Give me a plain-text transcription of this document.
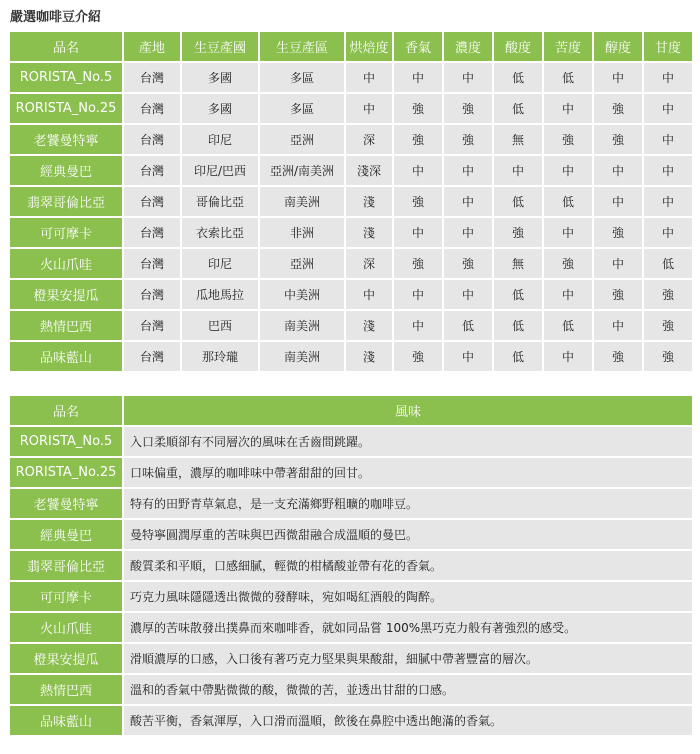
嚴選咖啡豆介紹
品名	產地	生豆產國	生豆產區	烘焙度	香氣	濃度	酸度	苦度	醇度	甘度
RORISTA_No.5	台灣	多國	多區	中	中	中	低	低	中	中
RORISTA_No.25	台灣	多國	多區	中	強	強	低	中	強	中
老饕曼特寧	台灣	印尼	亞洲	深	強	強	無	強	強	中
經典曼巴	台灣	印尼/巴西	亞洲/南美洲	淺深	中	中	中	中	中	中
翡翠哥倫比亞	台灣	哥倫比亞	南美洲	淺	強	中	低	低	中	中
可可摩卡	台灣	衣索比亞	非洲	淺	中	中	強	中	強	中
火山爪哇	台灣	印尼	亞洲	深	強	強	無	強	中	低
橙果安提瓜	台灣	瓜地馬拉	中美洲	中	中	中	低	中	強	強
熱情巴西	台灣	巴西	南美洲	淺	中	低	低	低	中	強
品味藍山	台灣	那玲瓏	南美洲	淺	強	中	低	中	強	強
品名	風味
RORISTA_No.5	入口柔順卻有不同層次的風味在舌齒間跳躍。
RORISTA_No.25	口味偏重，濃厚的咖啡味中帶著甜甜的回甘。
老饕曼特寧	特有的田野青草氣息，是一支充滿鄉野粗曠的咖啡豆。
經典曼巴	曼特寧圓潤厚重的苦味與巴西微甜融合成溫順的曼巴。
翡翠哥倫比亞	酸質柔和平順，口感細膩，輕微的柑橘酸並帶有花的香氣。
可可摩卡	巧克力風味隱隱透出微微的發酵味，宛如喝紅酒般的陶醉。
火山爪哇	濃厚的苦味散發出撲鼻而來咖啡香，就如同品嘗 100%黑巧克力般有著強烈的感受。
橙果安提瓜	滑順濃厚的口感，入口後有著巧克力堅果與果酸甜，細膩中帶著豐富的層次。
熱情巴西	溫和的香氣中帶點微微的酸，微微的苦，並透出甘甜的口感。
品味藍山	酸苦平衡，香氣渾厚，入口滑而溫順，飲後在鼻腔中透出飽滿的香氣。
